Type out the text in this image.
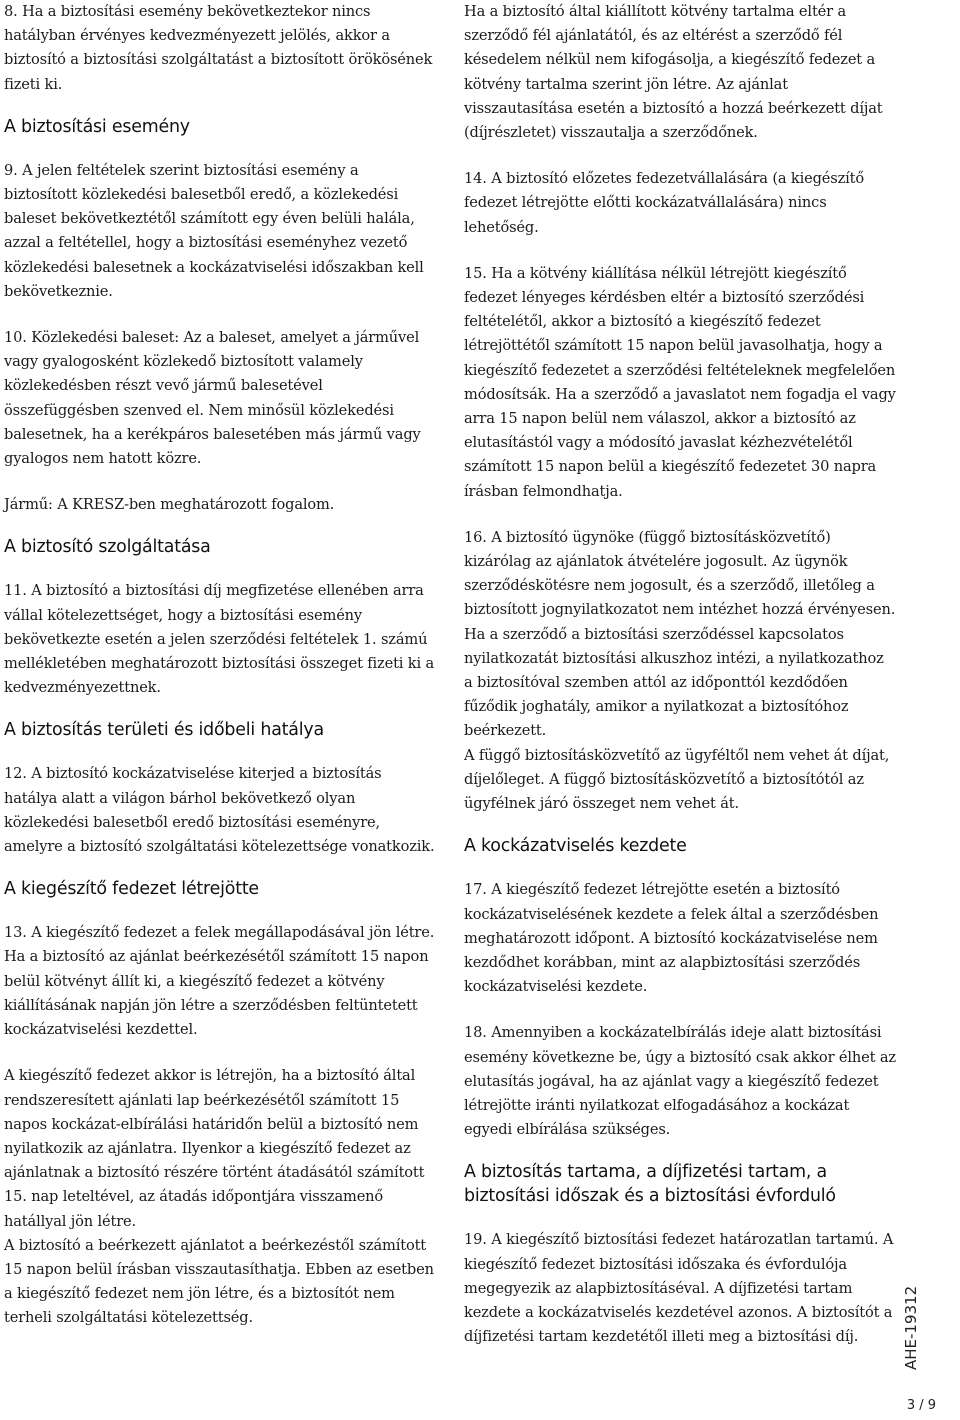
8. Ha a biztosítási esemény bekövetkeztekor nincs hatályban érvényes kedvezményezett jelölés, akkor a biztosító a biztosítási szolgáltatást a biztosított örökösének fizeti ki.

A biztosítási esemény

9. A jelen feltételek szerint biztosítási esemény a biztosított közlekedési balesetből eredő, a közlekedési baleset bekövetkeztétől számított egy éven belüli halála, azzal a feltétellel, hogy a biztosítási eseményhez vezető közlekedési balesetnek a kockázatviselési időszakban kell bekövetkeznie.

10. Közlekedési baleset: Az a baleset, amelyet a járművel vagy gyalogosként közlekedő biztosított valamely közlekedésben részt vevő jármű balesetével összefüggésben szenved el. Nem minősül közlekedési balesetnek, ha a kerékpáros balesetében más jármű vagy gyalogos nem hatott közre.

Jármű: A KRESZ-ben meghatározott fogalom.

A biztosító szolgáltatása

11. A biztosító a biztosítási díj megfizetése ellenében arra vállal kötelezettséget, hogy a biztosítási esemény bekövetkezte esetén a jelen szerződési feltételek 1. számú mellékletében meghatározott biztosítási összeget fizeti ki a kedvezményezettnek.

A biztosítás területi és időbeli hatálya

12. A biztosító kockázatviselése kiterjed a biztosítás hatálya alatt a világon bárhol bekövetkező olyan közlekedési balesetből eredő biztosítási eseményre, amelyre a biztosító szolgáltatási kötelezettsége vonatkozik.

A kiegészítő fedezet létrejötte

13. A kiegészítő fedezet a felek megállapodásával jön létre. Ha a biztosító az ajánlat beérkezésétől számított 15 napon belül kötvényt állít ki, a kiegészítő fedezet a kötvény kiállításának napján jön létre a szerződésben feltüntetett kockázatviselési kezdettel.

A kiegészítő fedezet akkor is létrejön, ha a biztosító által rendszeresített ajánlati lap beérkezésétől számított 15 napos kockázat-elbírálási határidőn belül a biztosító nem nyilatkozik az ajánlatra. Ilyenkor a kiegészítő fedezet az ajánlatnak a biztosító részére történt átadásától számított 15. nap leteltével, az átadás időpontjára visszamenő hatállyal jön létre.

A biztosító a beérkezett ajánlatot a beérkezéstől számított 15 napon belül írásban visszautasíthatja. Ebben az esetben a kiegészítő fedezet nem jön létre, és a biztosítót nem terheli szolgáltatási kötelezettség.

Ha a biztosító által kiállított kötvény tartalma eltér a szerződő fél ajánlatától, és az eltérést a szerződő fél késedelem nélkül nem kifogásolja, a kiegészítő fedezet a kötvény tartalma szerint jön létre. Az ajánlat visszautasítása esetén a biztosító a hozzá beérkezett díjat (díjrészletet) visszautalja a szerződőnek.

14. A biztosító előzetes fedezetvállalására (a kiegészítő fedezet létrejötte előtti kockázatvállalására) nincs lehetőség.

15. Ha a kötvény kiállítása nélkül létrejött kiegészítő fedezet lényeges kérdésben eltér a biztosító szerződési feltételétől, akkor a biztosító a kiegészítő fedezet létrejöttétől számított 15 napon belül javasolhatja, hogy a kiegészítő fedezetet a szerződési feltételeknek megfelelően módosítsák. Ha a szerződő a javaslatot nem fogadja el vagy arra 15 napon belül nem válaszol, akkor a biztosító az elutasítástól vagy a módosító javaslat kézhezvételétől számított 15 napon belül a kiegészítő fedezetet 30 napra írásban felmondhatja.

16. A biztosító ügynöke (függő biztosításközvetítő) kizárólag az ajánlatok átvételére jogosult. Az ügynök szerződéskötésre nem jogosult, és a szerződő, illetőleg a biztosított jognyilatkozatot nem intézhet hozzá érvényesen.

Ha a szerződő a biztosítási szerződéssel kapcsolatos nyilatkozatát biztosítási alkuszhoz intézi, a nyilatkozathoz a biztosítóval szemben attól az időponttól kezdődően fűződik joghatály, amikor a nyilatkozat a biztosítóhoz beérkezett.

A függő biztosításközvetítő az ügyféltől nem vehet át díjat, díjelőleget. A függő biztosításközvetítő a biztosítótól az ügyfélnek járó összeget nem vehet át.

A kockázatviselés kezdete

17. A kiegészítő fedezet létrejötte esetén a biztosító kockázatviselésének kezdete a felek által a szerződésben meghatározott időpont. A biztosító kockázatviselése nem kezdődhet korábban, mint az alapbiztosítási szerződés kockázatviselési kezdete.

18. Amennyiben a kockázatelbírálás ideje alatt biztosítási esemény következne be, úgy a biztosító csak akkor élhet az elutasítás jogával, ha az ajánlat vagy a kiegészítő fedezet létrejötte iránti nyilatkozat elfogadásához a kockázat egyedi elbírálása szükséges.

A biztosítás tartama, a díjfizetési tartam, a biztosítási időszak és a biztosítási évforduló

19. A kiegészítő biztosítási fedezet határozatlan tartamú. A kiegészítő fedezet biztosítási időszaka és évfordulója megegyezik az alapbiztosításéval. A díjfizetési tartam kezdete a kockázatviselés kezdetével azonos. A biztosítót a díjfizetési tartam kezdetétől illeti meg a biztosítási díj.	AHE-19312
3 / 9
